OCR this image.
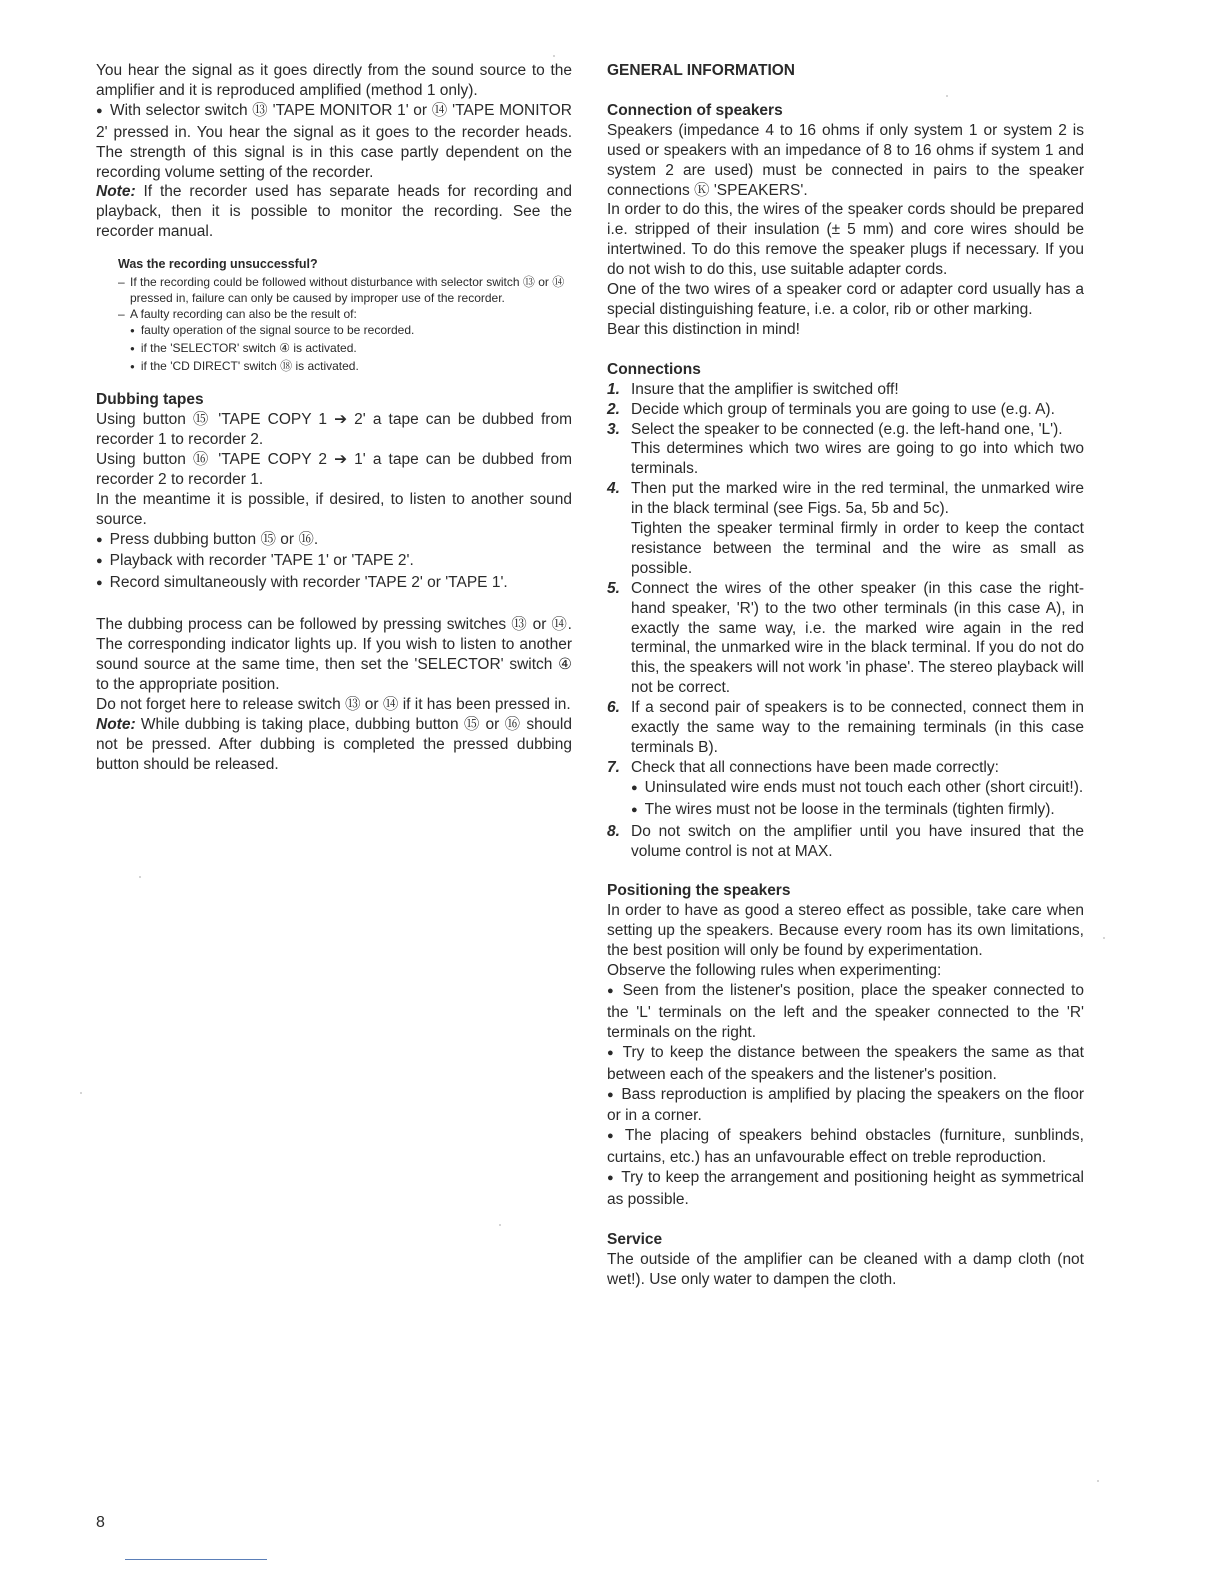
You hear the signal as it goes directly from the sound source to the amplifier and it is reproduced amplified (method 1 only).

● With selector switch ⑬ 'TAPE MONITOR 1' or ⑭ 'TAPE MONITOR 2' pressed in. You hear the signal as it goes to the recorder heads. The strength of this signal is in this case partly dependent on the recording volume setting of the recorder.

Note: If the recorder used has separate heads for recording and playback, then it is possible to monitor the recording. See the recorder manual.

Was the recording unsuccessful?
– If the recording could be followed without disturbance with selector switch ⑬ or ⑭ pressed in, failure can only be caused by improper use of the recorder.
– A faulty recording can also be the result of:
● faulty operation of the signal source to be recorded.
● if the 'SELECTOR' switch ④ is activated.
● if the 'CD DIRECT' switch ⑱ is activated.

Dubbing tapes

Using button ⑮ 'TAPE COPY 1 ➔ 2' a tape can be dubbed from recorder 1 to recorder 2.

Using button ⑯ 'TAPE COPY 2 ➔ 1' a tape can be dubbed from recorder 2 to recorder 1.

In the meantime it is possible, if desired, to listen to another sound source.

● Press dubbing button ⑮ or ⑯.

● Playback with recorder 'TAPE 1' or 'TAPE 2'.

● Record simultaneously with recorder 'TAPE 2' or 'TAPE 1'.

The dubbing process can be followed by pressing switches ⑬ or ⑭. The corresponding indicator lights up. If you wish to listen to another sound source at the same time, then set the 'SELECTOR' switch ④ to the appropriate position.

Do not forget here to release switch ⑬ or ⑭ if it has been pressed in.

Note: While dubbing is taking place, dubbing button ⑮ or ⑯ should not be pressed. After dubbing is completed the pressed dubbing button should be released.

GENERAL INFORMATION

Connection of speakers

Speakers (impedance 4 to 16 ohms if only system 1 or system 2 is used or speakers with an impedance of 8 to 16 ohms if system 1 and system 2 are used) must be connected in pairs to the speaker connections Ⓚ 'SPEAKERS'.

In order to do this, the wires of the speaker cords should be prepared i.e. stripped of their insulation (± 5 mm) and core wires should be intertwined. To do this remove the speaker plugs if necessary. If you do not wish to do this, use suitable adapter cords.

One of the two wires of a speaker cord or adapter cord usually has a special distinguishing feature, i.e. a color, rib or other marking.

Bear this distinction in mind!

Connections

1. Insure that the amplifier is switched off!
2. Decide which group of terminals you are going to use (e.g. A).
3. Select the speaker to be connected (e.g. the left-hand one, 'L').
This determines which two wires are going to go into which two terminals.
4. Then put the marked wire in the red terminal, the unmarked wire in the black terminal (see Figs. 5a, 5b and 5c).
Tighten the speaker terminal firmly in order to keep the contact resistance between the terminal and the wire as small as possible.
5. Connect the wires of the other speaker (in this case the right-hand speaker, 'R') to the two other terminals (in this case A), in exactly the same way, i.e. the marked wire again in the red terminal, the unmarked wire in the black terminal. If you do not do this, the speakers will not work 'in phase'. The stereo playback will not be correct.
6. If a second pair of speakers is to be connected, connect them in exactly the same way to the remaining terminals (in this case terminals B).
7. Check that all connections have been made correctly:
● Uninsulated wire ends must not touch each other (short circuit!).
● The wires must not be loose in the terminals (tighten firmly).
8. Do not switch on the amplifier until you have insured that the volume control is not at MAX.

Positioning the speakers

In order to have as good a stereo effect as possible, take care when setting up the speakers. Because every room has its own limitations, the best position will only be found by experimentation.

Observe the following rules when experimenting:

● Seen from the listener's position, place the speaker connected to the 'L' terminals on the left and the speaker connected to the 'R' terminals on the right.

● Try to keep the distance between the speakers the same as that between each of the speakers and the listener's position.

● Bass reproduction is amplified by placing the speakers on the floor or in a corner.

● The placing of speakers behind obstacles (furniture, sunblinds, curtains, etc.) has an unfavourable effect on treble reproduction.

● Try to keep the arrangement and positioning height as symmetrical as possible.

Service

The outside of the amplifier can be cleaned with a damp cloth (not wet!). Use only water to dampen the cloth.

8
